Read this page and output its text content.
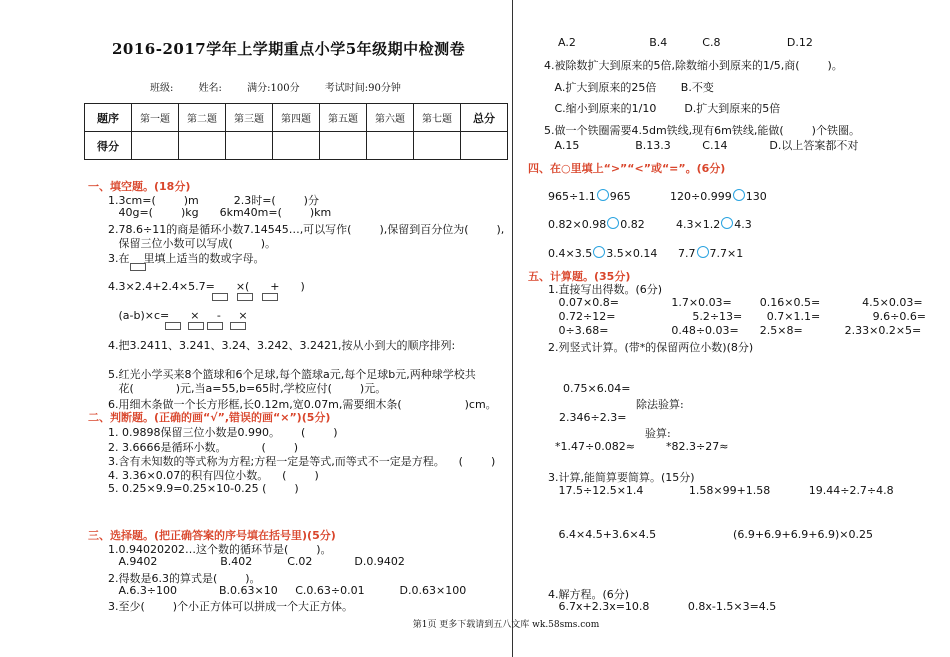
2016-2017学年上学期重点小学5年级期中检测卷
班级:	姓名:	满分:100分	考试时间:90分钟
题序	第一题	第二题	第三题	第四题	第五题	第六题	第七题	总分
得分								
一、填空题。(18分)
1.3cm=(        )m          2.3时=(        )分
40g=(        )kg      6km40m=(        )km
2.78.6÷11的商是循环小数7.14545…,可以写作(        ),保留到百分位为(        ),
保留三位小数可以写成(        )。
3.在    里填上适当的数或字母。
4.3×2.4+2.4×5.7=      ×(      +      )
(a-b)×c=      ×     -     ×
4.把3.2411、3.241、3.24、3.242、3.2421,按从小到大的顺序排列:
5.红光小学买来8个篮球和6个足球,每个篮球a元,每个足球b元,两种球学校共
花(            )元,当a=55,b=65时,学校应付(        )元。
6.用细木条做一个长方形框,长0.12m,宽0.07m,需要细木条(                  )cm。
二、判断题。(正确的画“√”,错误的画“×”)(5分)
1. 0.9898保留三位小数是0.990。      (        )
2. 3.6666是循环小数。          (        )
3.含有未知数的等式称为方程;方程一定是等式,而等式不一定是方程。    (        )
4. 3.36×0.07的积有四位小数。    (        )
5. 0.25×9.9=0.25×10-0.25 (        )
三、选择题。(把正确答案的序号填在括号里)(5分)
1.0.94020202…这个数的循环节是(        )。
A.9402                  B.402          C.02            D.0.9402
2.得数是6.3的算式是(        )。
A.6.3÷100            B.0.63×10     C.0.63÷0.01          D.0.63×100
3.至少(        )个小正方体可以拼成一个大正方体。
A.2                     B.4          C.8                   D.12
4.被除数扩大到原来的5倍,除数缩小到原来的1/5,商(        )。
A.扩大到原来的25倍       B.不变
C.缩小到原来的1/10        D.扩大到原来的5倍
5.做一个铁圈需要4.5dm铁线,现有6m铁线,能做(        )个铁圈。
A.15                B.13.3         C.14            D.以上答案都不对
四、在○里填上“>”“<”或“=”。(6分)
965÷1.1 965	120÷0.999 130
0.82×0.98 0.82	4.3×1.2 4.3
0.4×3.5 3.5×0.14 7.7 7.7×1
五、计算题。(35分)
1.直接写出得数。(6分)
0.07×0.8=               1.7×0.03=        0.16×0.5=            4.5×0.03=
0.72÷12=                      5.2÷13=       0.7×1.1=               9.6÷0.6=
0÷3.68=                  0.48÷0.03=      2.5×8=            2.33×0.2×5=
2.列竖式计算。(带*的保留两位小数)(8分)
0.75×6.04=
除法验算:
2.346÷2.3=
验算:
*1.47÷0.082≈	*82.3÷27≈
3.计算,能简算要简算。(15分)
17.5÷12.5×1.4             1.58×99+1.58           19.44÷2.7÷4.8
6.4×4.5+3.6×4.5                      (6.9+6.9+6.9+6.9)×0.25
4.解方程。(6分)
6.7x+2.3x=10.8           0.8x-1.5×3=4.5
第1页 更多下载请到五八文库 wk.58sms.com
